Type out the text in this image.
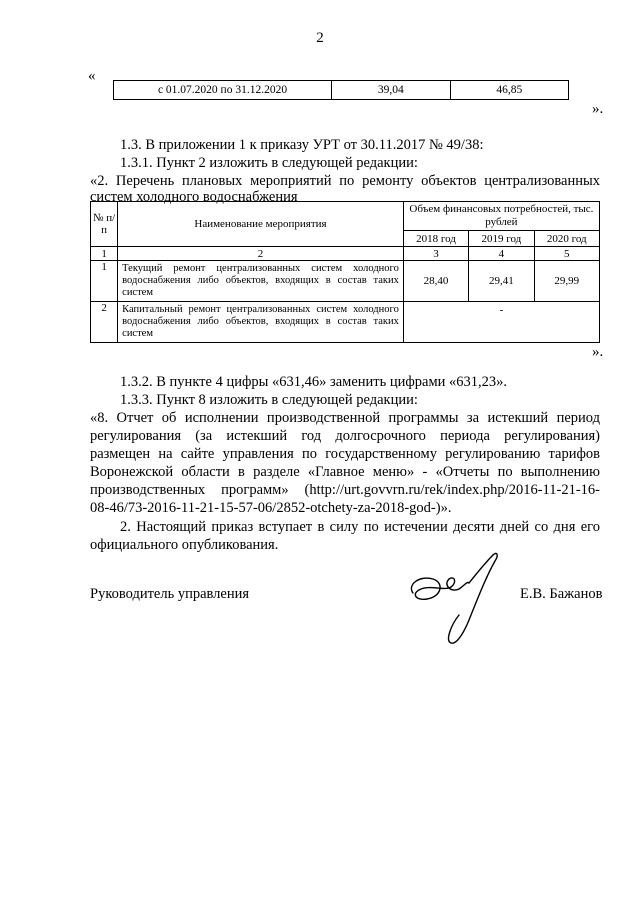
2
«
с 01.07.2020 по 31.12.2020	39,04	46,85
».
1.3. В приложении 1 к приказу УРТ от 30.11.2017 № 49/38:
1.3.1. Пункт 2 изложить в следующей редакции:
«2. Перечень плановых мероприятий по ремонту объектов централизованных
систем холодного водоснабжения
№ п/п	Наименование мероприятия	Объем финансовых потребностей, тыс. рублей		
		2018 год	2019 год	2020 год
1	2	3	4	5
1	Текущий ремонт централизованных систем холодного водоснабжения либо объектов, входящих в состав таких систем	28,40	29,41	29,99
2	Капитальный ремонт централизованных систем холодного водоснабжения либо объектов, входящих в состав таких систем	-		
».
1.3.2. В пункте 4 цифры «631,46» заменить цифрами «631,23».
1.3.3. Пункт 8 изложить в следующей редакции:
«8. Отчет об исполнении производственной программы за истекший период
регулирования (за истекший год долгосрочного периода регулирования)
размещен на сайте управления по государственному регулированию тарифов
Воронежской области в разделе «Главное меню» - «Отчеты по выполнению
производственных программ» (http://urt.govvrn.ru/rek/index.php/2016-11-21-16-
08-46/73-2016-11-21-15-57-06/2852-otchety-za-2018-god-)».
2. Настоящий приказ вступает в силу по истечении десяти дней со дня его
официального опубликования.
Руководитель управления	Е.В. Бажанов
